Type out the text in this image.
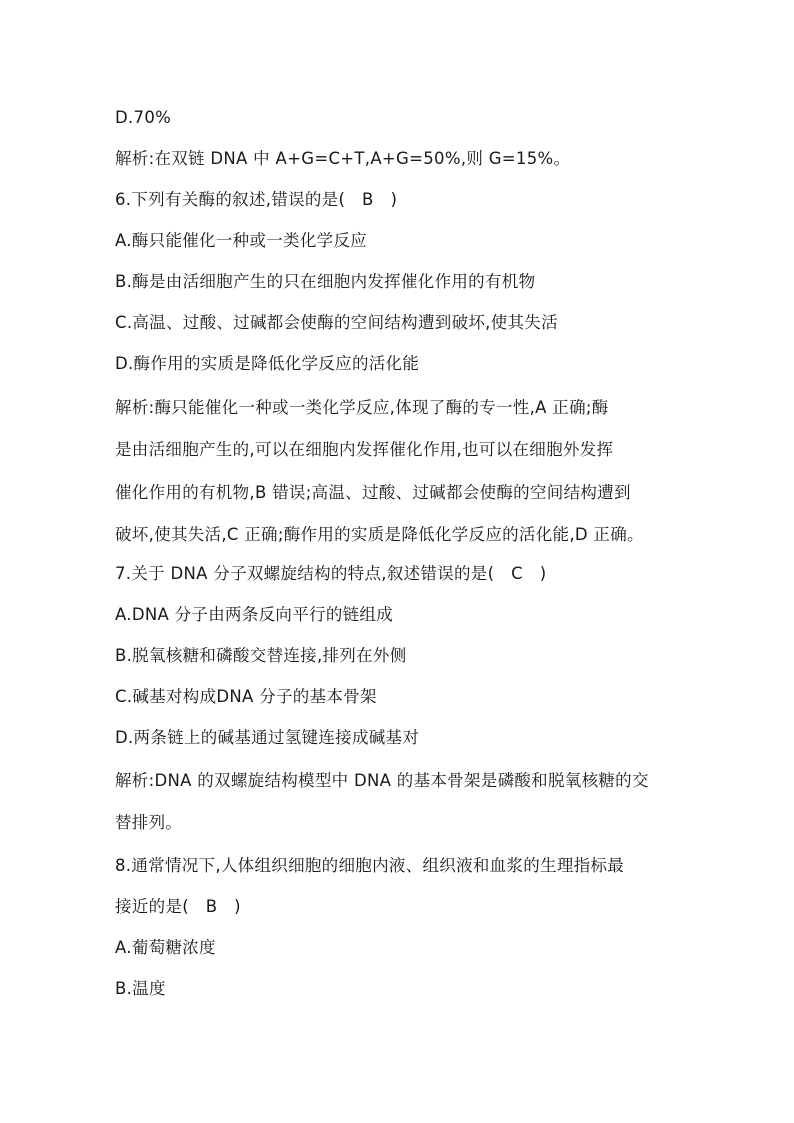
D.70%
解析:在双链 DNA 中 A+G=C+T,A+G=50%,则 G=15%。
6.下列有关酶的叙述,错误的是(　B　)
A.酶只能催化一种或一类化学反应
B.酶是由活细胞产生的只在细胞内发挥催化作用的有机物
C.高温、过酸、过碱都会使酶的空间结构遭到破坏,使其失活
D.酶作用的实质是降低化学反应的活化能
解析:酶只能催化一种或一类化学反应,体现了酶的专一性,A 正确;酶
是由活细胞产生的,可以在细胞内发挥催化作用,也可以在细胞外发挥
催化作用的有机物,B 错误;高温、过酸、过碱都会使酶的空间结构遭到
破坏,使其失活,C 正确;酶作用的实质是降低化学反应的活化能,D 正确。
7.关于 DNA 分子双螺旋结构的特点,叙述错误的是(　C　)
A.DNA 分子由两条反向平行的链组成
B.脱氧核糖和磷酸交替连接,排列在外侧
C.碱基对构成DNA 分子的基本骨架
D.两条链上的碱基通过氢键连接成碱基对
解析:DNA 的双螺旋结构模型中 DNA 的基本骨架是磷酸和脱氧核糖的交
替排列。
8.通常情况下,人体组织细胞的细胞内液、组织液和血浆的生理指标最
接近的是(　B　)
A.葡萄糖浓度
B.温度
